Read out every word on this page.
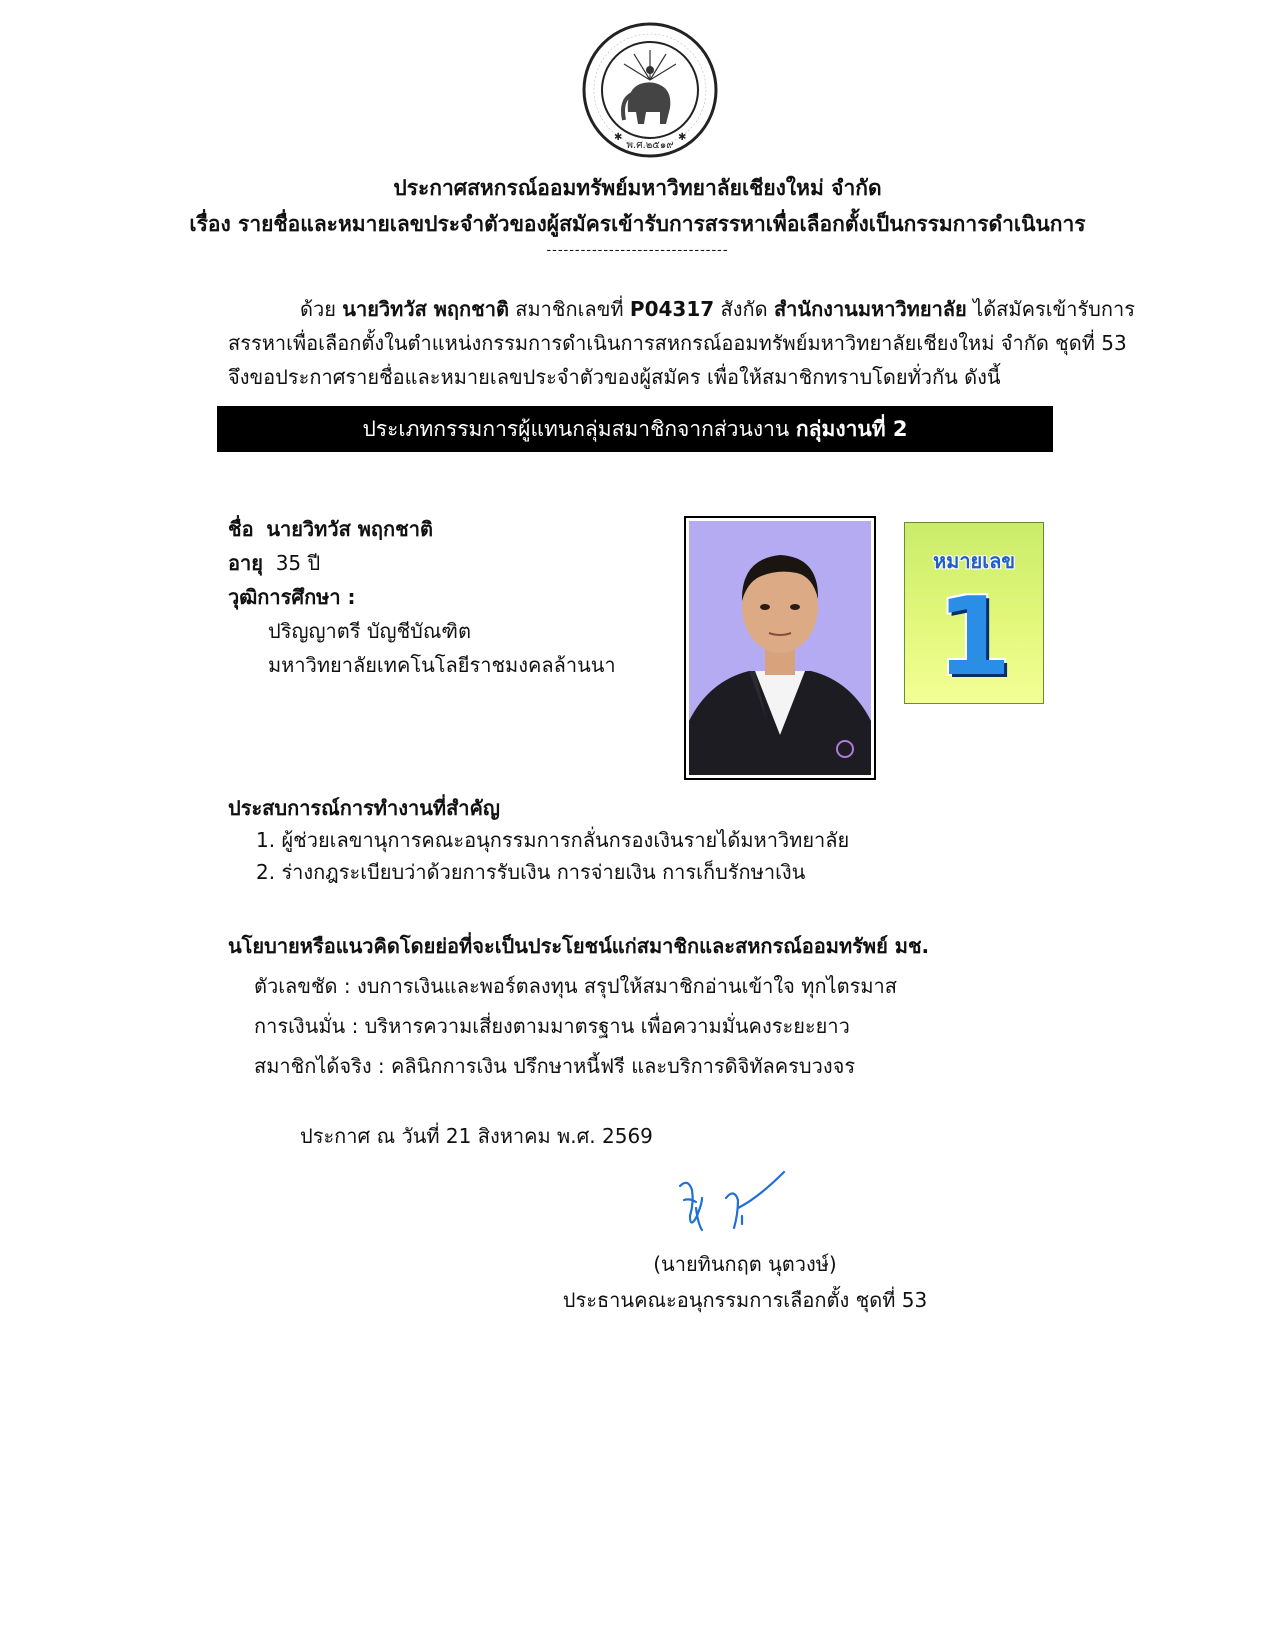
พ.ศ.๒๕๑๙
✱	✱
ประกาศสหกรณ์ออมทรัพย์มหาวิทยาลัยเชียงใหม่ จำกัด
เรื่อง รายชื่อและหมายเลขประจำตัวของผู้สมัครเข้ารับการสรรหาเพื่อเลือกตั้งเป็นกรรมการดำเนินการ
--------------------------------
ด้วย นายวิทวัส พฤกชาติ สมาชิกเลขที่ P04317 สังกัด สำนักงานมหาวิทยาลัย ได้สมัครเข้ารับการ
สรรหาเพื่อเลือกตั้งในตำแหน่งกรรมการดำเนินการสหกรณ์ออมทรัพย์มหาวิทยาลัยเชียงใหม่ จำกัด ชุดที่ 53
จึงขอประกาศรายชื่อและหมายเลขประจำตัวของผู้สมัคร เพื่อให้สมาชิกทราบโดยทั่วกัน ดังนี้
ประเภทกรรมการผู้แทนกลุ่มสมาชิกจากส่วนงาน กลุ่มงานที่ 2
ชื่อ นายวิทวัส พฤกชาติ
อายุ 35 ปี
วุฒิการศึกษา :
ปริญญาตรี บัญชีบัณฑิต
มหาวิทยาลัยเทคโนโลยีราชมงคลล้านนา
หมายเลข
1
ประสบการณ์การทำงานที่สำคัญ
1. ผู้ช่วยเลขานุการคณะอนุกรรมการกลั่นกรองเงินรายได้มหาวิทยาลัย
2. ร่างกฎระเบียบว่าด้วยการรับเงิน การจ่ายเงิน การเก็บรักษาเงิน
นโยบายหรือแนวคิดโดยย่อที่จะเป็นประโยชน์แก่สมาชิกและสหกรณ์ออมทรัพย์ มช.
ตัวเลขชัด : งบการเงินและพอร์ตลงทุน สรุปให้สมาชิกอ่านเข้าใจ ทุกไตรมาส
การเงินมั่น : บริหารความเสี่ยงตามมาตรฐาน เพื่อความมั่นคงระยะยาว
สมาชิกได้จริง : คลินิกการเงิน ปรึกษาหนี้ฟรี และบริการดิจิทัลครบวงจร
ประกาศ ณ วันที่ 21 สิงหาคม พ.ศ. 2569
(นายทินกฤต นุตวงษ์)
ประธานคณะอนุกรรมการเลือกตั้ง ชุดที่ 53
